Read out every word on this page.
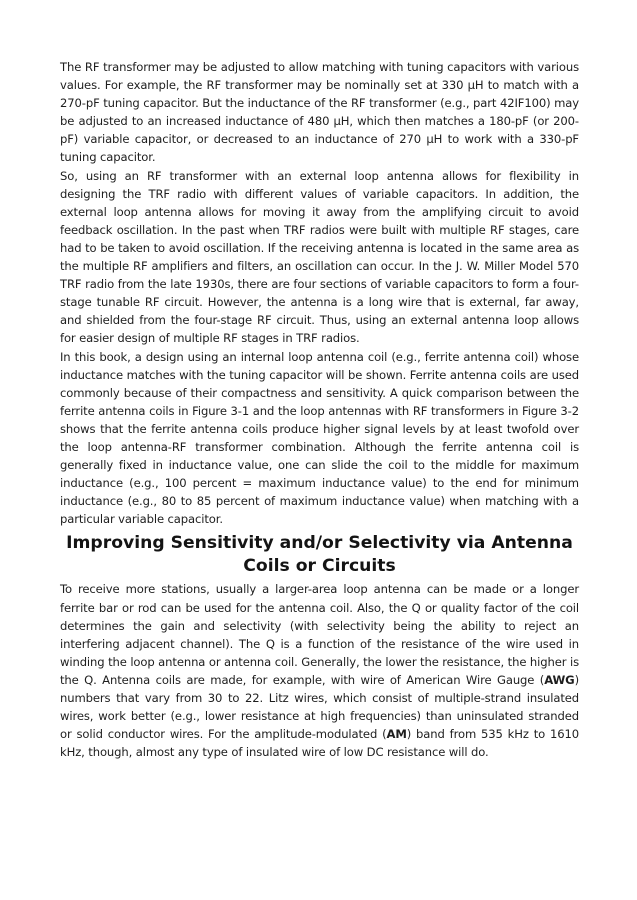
The RF transformer may be adjusted to allow matching with tuning capacitors with various values. For example, the RF transformer may be nominally set at 330 μH to match with a 270-pF tuning capacitor. But the inductance of the RF transformer (e.g., part 42IF100) may be adjusted to an increased inductance of 480 μH, which then matches a 180-pF (or 200-pF) variable capacitor, or decreased to an inductance of 270 μH to work with a 330-pF tuning capacitor.

So, using an RF transformer with an external loop antenna allows for flexibility in designing the TRF radio with different values of variable capacitors. In addition, the external loop antenna allows for moving it away from the amplifying circuit to avoid feedback oscillation. In the past when TRF radios were built with multiple RF stages, care had to be taken to avoid oscillation. If the receiving antenna is located in the same area as the multiple RF amplifiers and filters, an oscillation can occur. In the J. W. Miller Model 570 TRF radio from the late 1930s, there are four sections of variable capacitors to form a four-stage tunable RF circuit. However, the antenna is a long wire that is external, far away, and shielded from the four-stage RF circuit. Thus, using an external antenna loop allows for easier design of multiple RF stages in TRF radios.

In this book, a design using an internal loop antenna coil (e.g., ferrite antenna coil) whose inductance matches with the tuning capacitor will be shown. Ferrite antenna coils are used commonly because of their compactness and sensitivity. A quick comparison between the ferrite antenna coils in Figure 3-1 and the loop antennas with RF transformers in Figure 3-2 shows that the ferrite antenna coils produce higher signal levels by at least twofold over the loop antenna-RF transformer combination. Although the ferrite antenna coil is generally fixed in inductance value, one can slide the coil to the middle for maximum inductance (e.g., 100 percent = maximum inductance value) to the end for minimum inductance (e.g., 80 to 85 percent of maximum inductance value) when matching with a particular variable capacitor.

Improving Sensitivity and/or Selectivity via Antenna
Coils or Circuits

To receive more stations, usually a larger-area loop antenna can be made or a longer ferrite bar or rod can be used for the antenna coil. Also, the Q or quality factor of the coil determines the gain and selectivity (with selectivity being the ability to reject an interfering adjacent channel). The Q is a function of the resistance of the wire used in winding the loop antenna or antenna coil. Generally, the lower the resistance, the higher is the Q. Antenna coils are made, for example, with wire of American Wire Gauge (AWG) numbers that vary from 30 to 22. Litz wires, which consist of multiple-strand insulated wires, work better (e.g., lower resistance at high frequencies) than uninsulated stranded or solid conductor wires. For the amplitude-modulated (AM) band from 535 kHz to 1610 kHz, though, almost any type of insulated wire of low DC resistance will do.
